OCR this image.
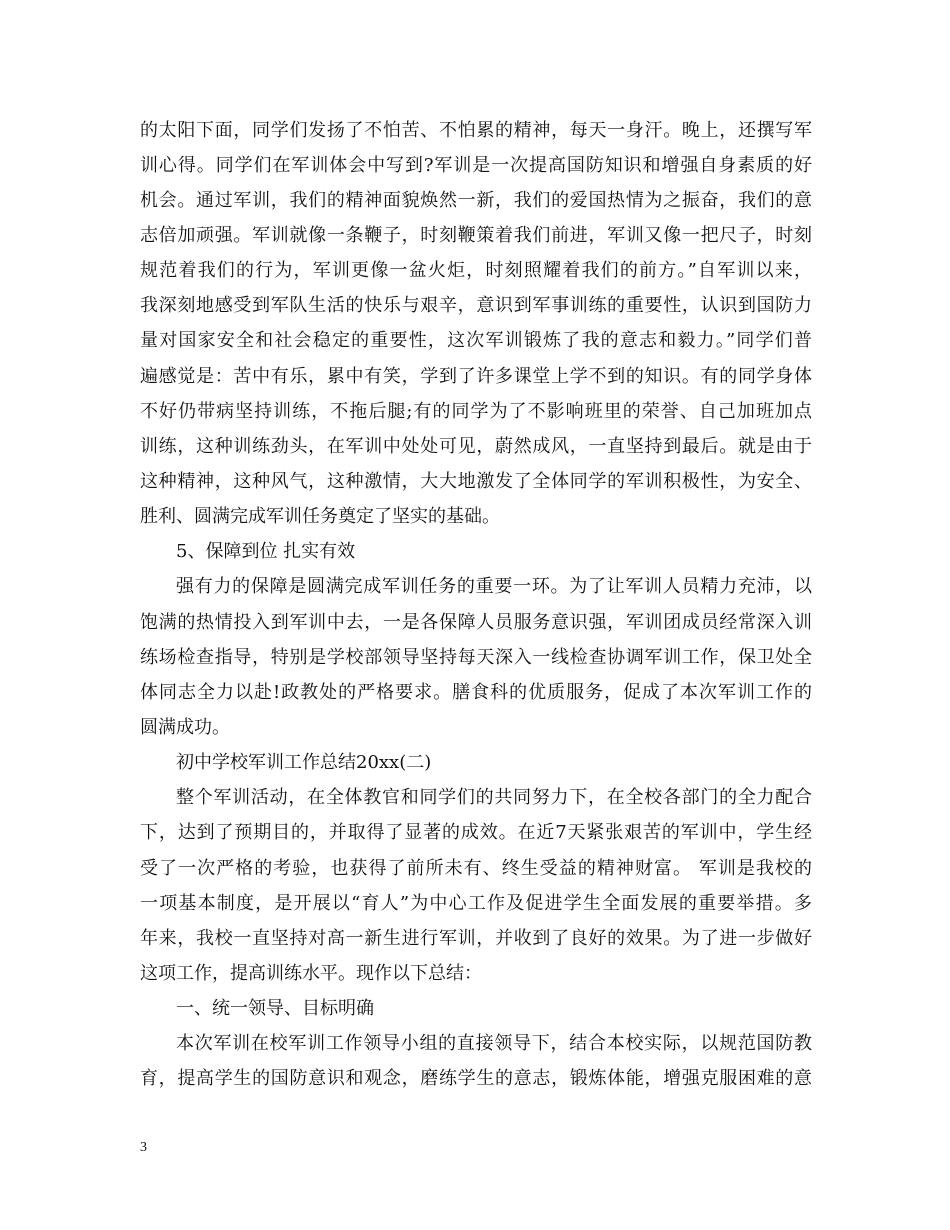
的太阳下面，同学们发扬了不怕苦、不怕累的精神，每天一身汗。晚上，还撰写军
训心得。同学们在军训体会中写到?军训是一次提高国防知识和增强自身素质的好
机会。通过军训，我们的精神面貌焕然一新，我们的爱国热情为之振奋，我们的意
志倍加顽强。军训就像一条鞭子，时刻鞭策着我们前进，军训又像一把尺子，时刻
规范着我们的行为，军训更像一盆火炬，时刻照耀着我们的前方。”自军训以来，
我深刻地感受到军队生活的快乐与艰辛，意识到军事训练的重要性，认识到国防力
量对国家安全和社会稳定的重要性，这次军训锻炼了我的意志和毅力。”同学们普
遍感觉是：苦中有乐，累中有笑，学到了许多课堂上学不到的知识。有的同学身体
不好仍带病坚持训练，不拖后腿;有的同学为了不影响班里的荣誉、自己加班加点
训练，这种训练劲头，在军训中处处可见，蔚然成风，一直坚持到最后。就是由于
这种精神，这种风气，这种激情，大大地激发了全体同学的军训积极性，为安全、
胜利、圆满完成军训任务奠定了坚实的基础。
5、保障到位 扎实有效
强有力的保障是圆满完成军训任务的重要一环。为了让军训人员精力充沛，以
饱满的热情投入到军训中去，一是各保障人员服务意识强，军训团成员经常深入训
练场检查指导，特别是学校部领导坚持每天深入一线检查协调军训工作，保卫处全
体同志全力以赴!政教处的严格要求。膳食科的优质服务，促成了本次军训工作的
圆满成功。
初中学校军训工作总结20xx(二)
整个军训活动，在全体教官和同学们的共同努力下，在全校各部门的全力配合
下，达到了预期目的，并取得了显著的成效。在近7天紧张艰苦的军训中，学生经
受了一次严格的考验，也获得了前所未有、终生受益的精神财富。 军训是我校的
一项基本制度，是开展以“育人”为中心工作及促进学生全面发展的重要举措。多
年来，我校一直坚持对高一新生进行军训，并收到了良好的效果。为了进一步做好
这项工作，提高训练水平。现作以下总结：
一、统一领导、目标明确
本次军训在校军训工作领导小组的直接领导下，结合本校实际，以规范国防教
育，提高学生的国防意识和观念，磨练学生的意志，锻炼体能，增强克服困难的意
3
